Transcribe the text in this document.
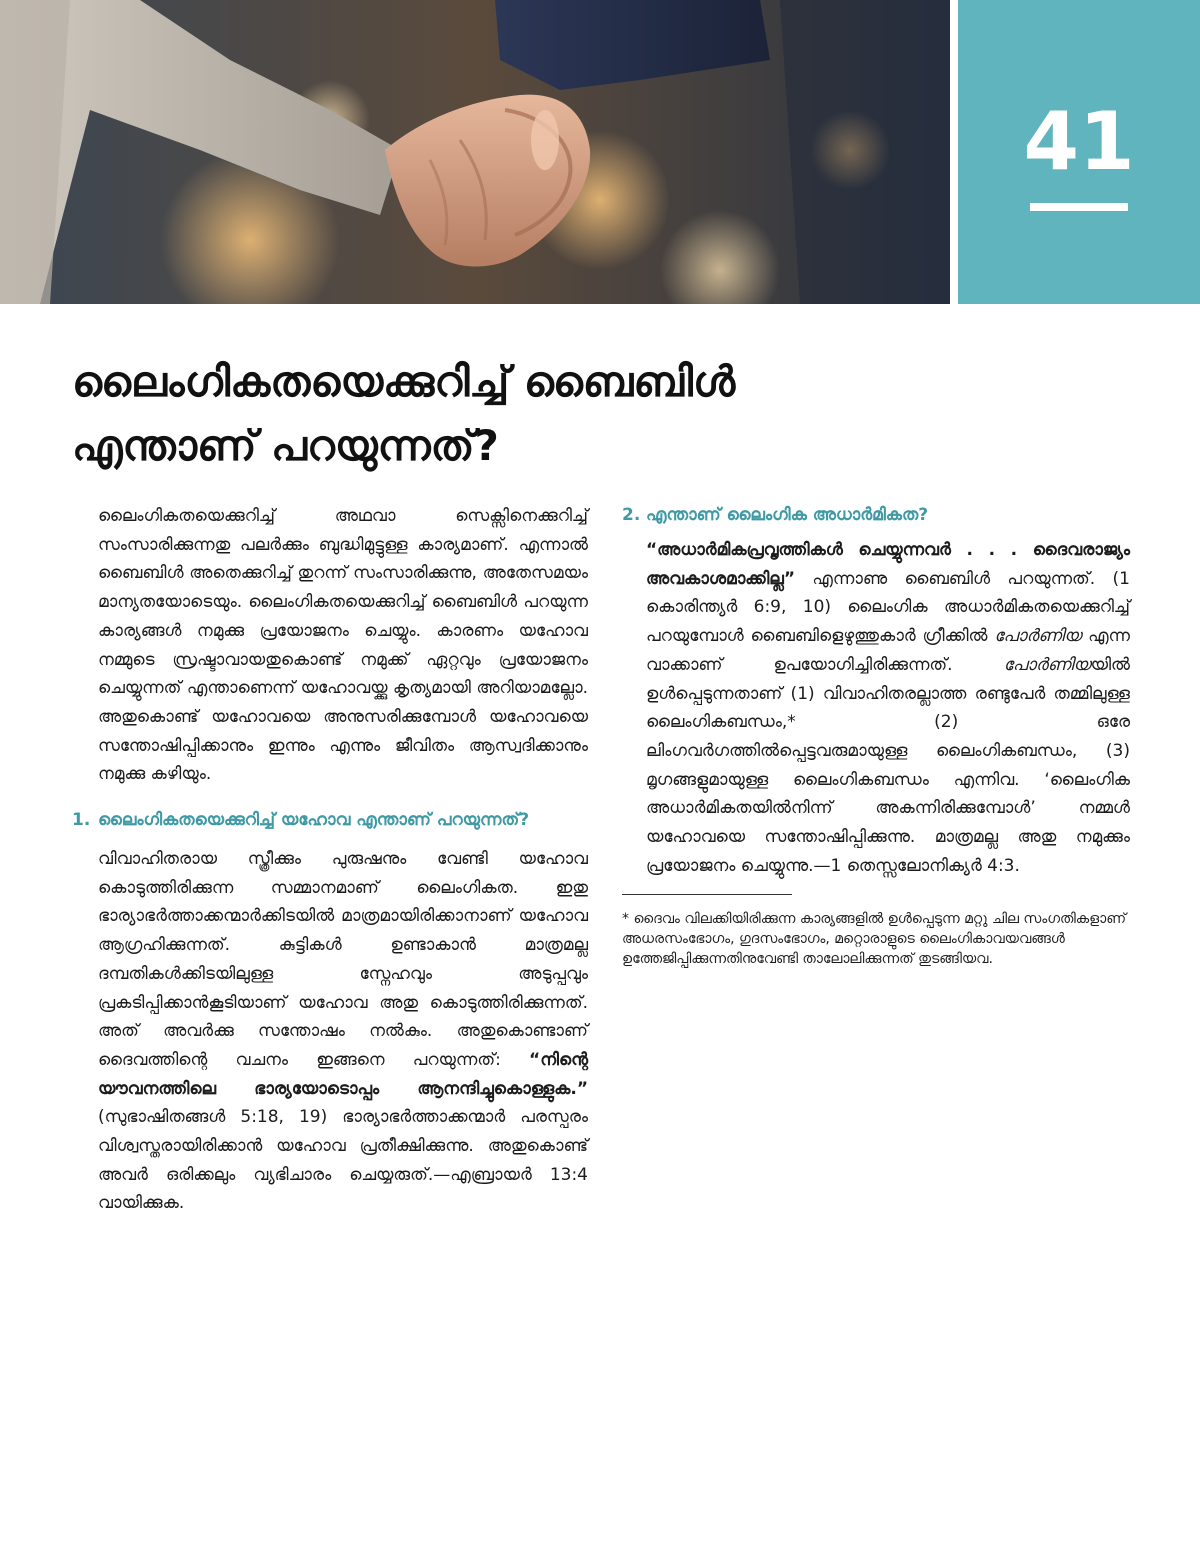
41
ലൈംഗികതയെക്കുറിച്ച് ബൈബിൾ എന്താണ് പറയുന്നത്?

ലൈംഗികതയെക്കുറിച്ച് അഥവാ സെക്സിനെക്കുറിച്ച് സംസാരിക്കുന്നതു പലർക്കും ബുദ്ധിമുട്ടുള്ള കാര്യമാണ്. എന്നാൽ ബൈബിൾ അതെക്കുറിച്ച് തുറന്ന് സംസാരിക്കുന്നു, അതേസമയം മാന്യതയോടെയും. ലൈംഗികതയെക്കുറിച്ച് ബൈബിൾ പറയുന്ന കാര്യങ്ങൾ നമുക്കു പ്രയോജനം ചെയ്യും. കാരണം യഹോവ നമ്മുടെ സ്രഷ്ടാവായതുകൊണ്ട് നമുക്ക് ഏറ്റവും പ്രയോജനം ചെയ്യുന്നത് എന്താണെന്ന് യഹോവയ്ക്കു കൃത്യമായി അറിയാമല്ലോ. അതുകൊണ്ട് യഹോവയെ അനുസരിക്കുമ്പോൾ യഹോവയെ സന്തോഷിപ്പിക്കാനും ഇന്നും എന്നും ജീവിതം ആസ്വദിക്കാനും നമുക്കു കഴിയും.

1. ലൈംഗികതയെക്കുറിച്ച് യഹോവ എന്താണ് പറയുന്നത്?

വിവാഹിതരായ സ്ത്രീക്കും പുരുഷനും വേണ്ടി യഹോവ കൊടുത്തിരിക്കുന്ന സമ്മാനമാണ് ലൈംഗികത. ഇതു ഭാര്യാഭർത്താക്കന്മാർക്കിടയിൽ മാത്രമായിരിക്കാനാണ് യഹോവ ആഗ്രഹിക്കുന്നത്. കുട്ടികൾ ഉണ്ടാകാൻ മാത്രമല്ല ദമ്പതികൾക്കിടയിലുള്ള സ്നേഹവും അടുപ്പവും പ്രകടിപ്പിക്കാൻകൂടിയാണ് യഹോവ അതു കൊടുത്തിരിക്കുന്നത്. അത് അവർക്കു സന്തോഷം നൽകും. അതുകൊണ്ടാണ് ദൈവത്തിന്റെ വചനം ഇങ്ങനെ പറയുന്നത്: “നിന്റെ യൗവനത്തിലെ ഭാര്യയോടൊപ്പം ആനന്ദിച്ചുകൊള്ളുക.” (സുഭാഷിതങ്ങൾ 5:18, 19) ഭാര്യാഭർത്താക്കന്മാർ പരസ്പരം വിശ്വസ്തരായിരിക്കാൻ യഹോവ പ്രതീക്ഷിക്കുന്നു. അതുകൊണ്ട് അവർ ഒരിക്കലും വ്യഭിചാരം ചെയ്യരുത്.—എബ്രായർ 13:4 വായിക്കുക.

2. എന്താണ് ലൈംഗിക അധാർമികത?

“അധാർമികപ്രവൃത്തികൾ ചെയ്യുന്നവർ . . . ദൈവരാജ്യം അവകാശമാക്കില്ല” എന്നാണു ബൈബിൾ പറയുന്നത്. (1 കൊരിന്ത്യർ 6:9, 10) ലൈംഗിക അധാർമികതയെക്കുറിച്ച് പറയുമ്പോൾ ബൈബിളെഴുത്തുകാർ ഗ്രീക്കിൽ പോർണിയ എന്ന വാക്കാണ് ഉപയോഗിച്ചിരിക്കുന്നത്. പോർണിയയിൽ ഉൾപ്പെടുന്നതാണ് (1) വിവാഹിതരല്ലാത്ത രണ്ടുപേർ തമ്മിലുള്ള ലൈംഗികബന്ധം,* (2) ഒരേ ലിംഗവർഗത്തിൽപ്പെട്ടവരുമായുള്ള ലൈംഗികബന്ധം, (3) മൃഗങ്ങളുമായുള്ള ലൈംഗികബന്ധം എന്നിവ. ‘ലൈംഗിക അധാർമികതയിൽനിന്ന് അകന്നിരിക്കുമ്പോൾ’ നമ്മൾ യഹോവയെ സന്തോഷിപ്പിക്കുന്നു. മാത്രമല്ല അതു നമുക്കും പ്രയോജനം ചെയ്യുന്നു.—1 തെസ്സലോനിക്യർ 4:3.

* ദൈവം വിലക്കിയിരിക്കുന്ന കാര്യങ്ങളിൽ ഉൾപ്പെടുന്ന മറ്റു ചില സംഗതികളാണ് അധരസംഭോഗം, ഗുദസംഭോഗം, മറ്റൊരാളുടെ ലൈംഗികാവയവങ്ങൾ ഉത്തേജിപ്പിക്കുന്നതിനുവേണ്ടി താലോലിക്കുന്നത് തുടങ്ങിയവ.
